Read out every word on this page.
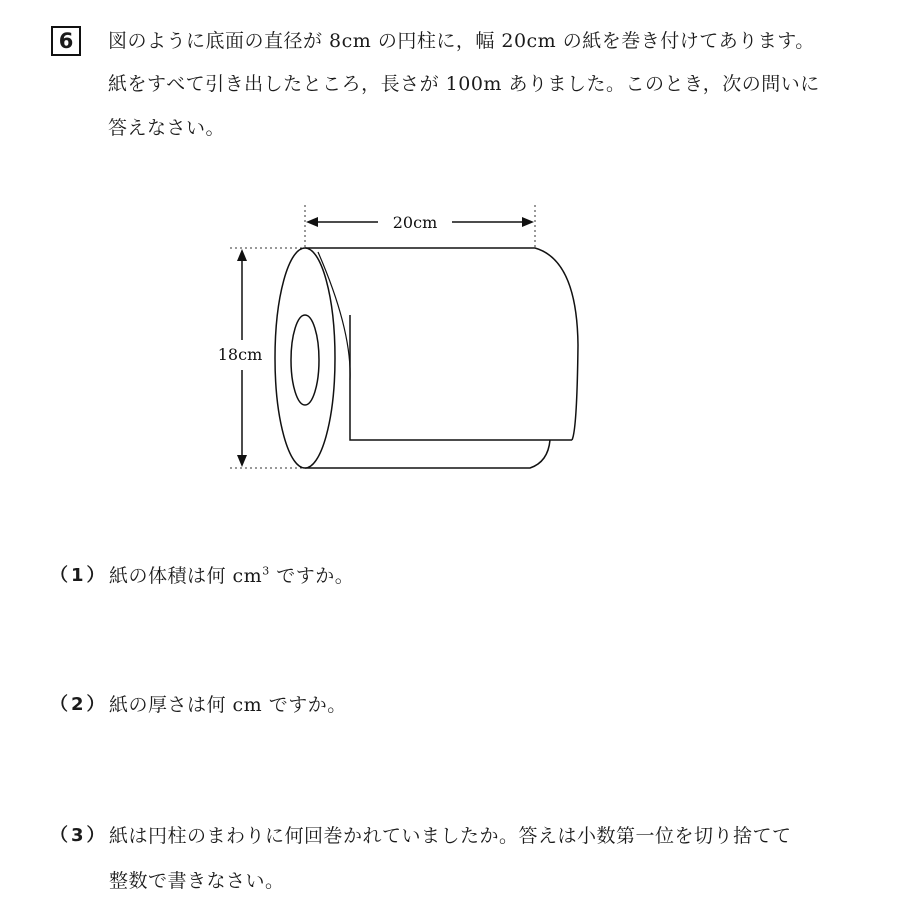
6	図のように底面の直径が 8cm の円柱に，幅 20cm の紙を巻き付けてあります。
紙をすべて引き出したところ，長さが 100m ありました。このとき，次の問いに
答えなさい。
20cm
18cm
（1） 紙の体積は何 $cm^3$ ですか。
（2） 紙の厚さは何 cm ですか。
（3） 紙は円柱のまわりに何回巻かれていましたか。答えは小数第一位を切り捨てて
整数で書きなさい。
